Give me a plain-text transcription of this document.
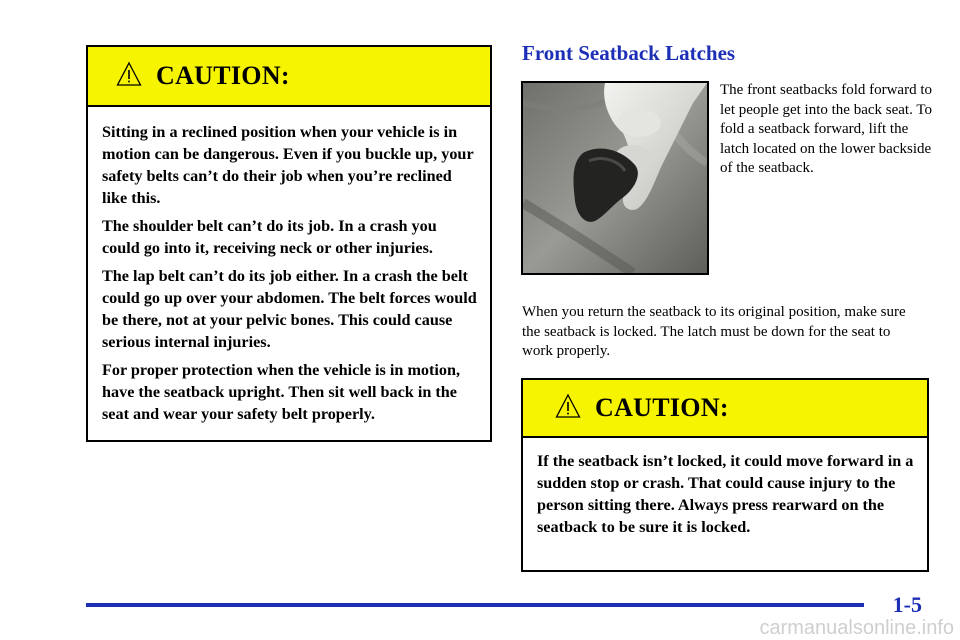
CAUTION:

Sitting in a reclined position when your vehicle is in motion can be dangerous. Even if you buckle up, your safety belts can’t do their job when you’re reclined like this.

The shoulder belt can’t do its job. In a crash you could go into it, receiving neck or other injuries.

The lap belt can’t do its job either. In a crash the belt could go up over your abdomen. The belt forces would be there, not at your pelvic bones. This could cause serious internal injuries.

For proper protection when the vehicle is in motion, have the seatback upright. Then sit well back in the seat and wear your safety belt properly.

Front Seatback Latches

The front seatbacks fold forward to let people get into the back seat. To fold a seatback forward, lift the latch located on the lower backside of the seatback.

When you return the seatback to its original position, make sure the seatback is locked. The latch must be down for the seat to work properly.

CAUTION:

If the seatback isn’t locked, it could move forward in a sudden stop or crash. That could cause injury to the person sitting there. Always press rearward on the seatback to be sure it is locked.

1-5
carmanualsonline.info
